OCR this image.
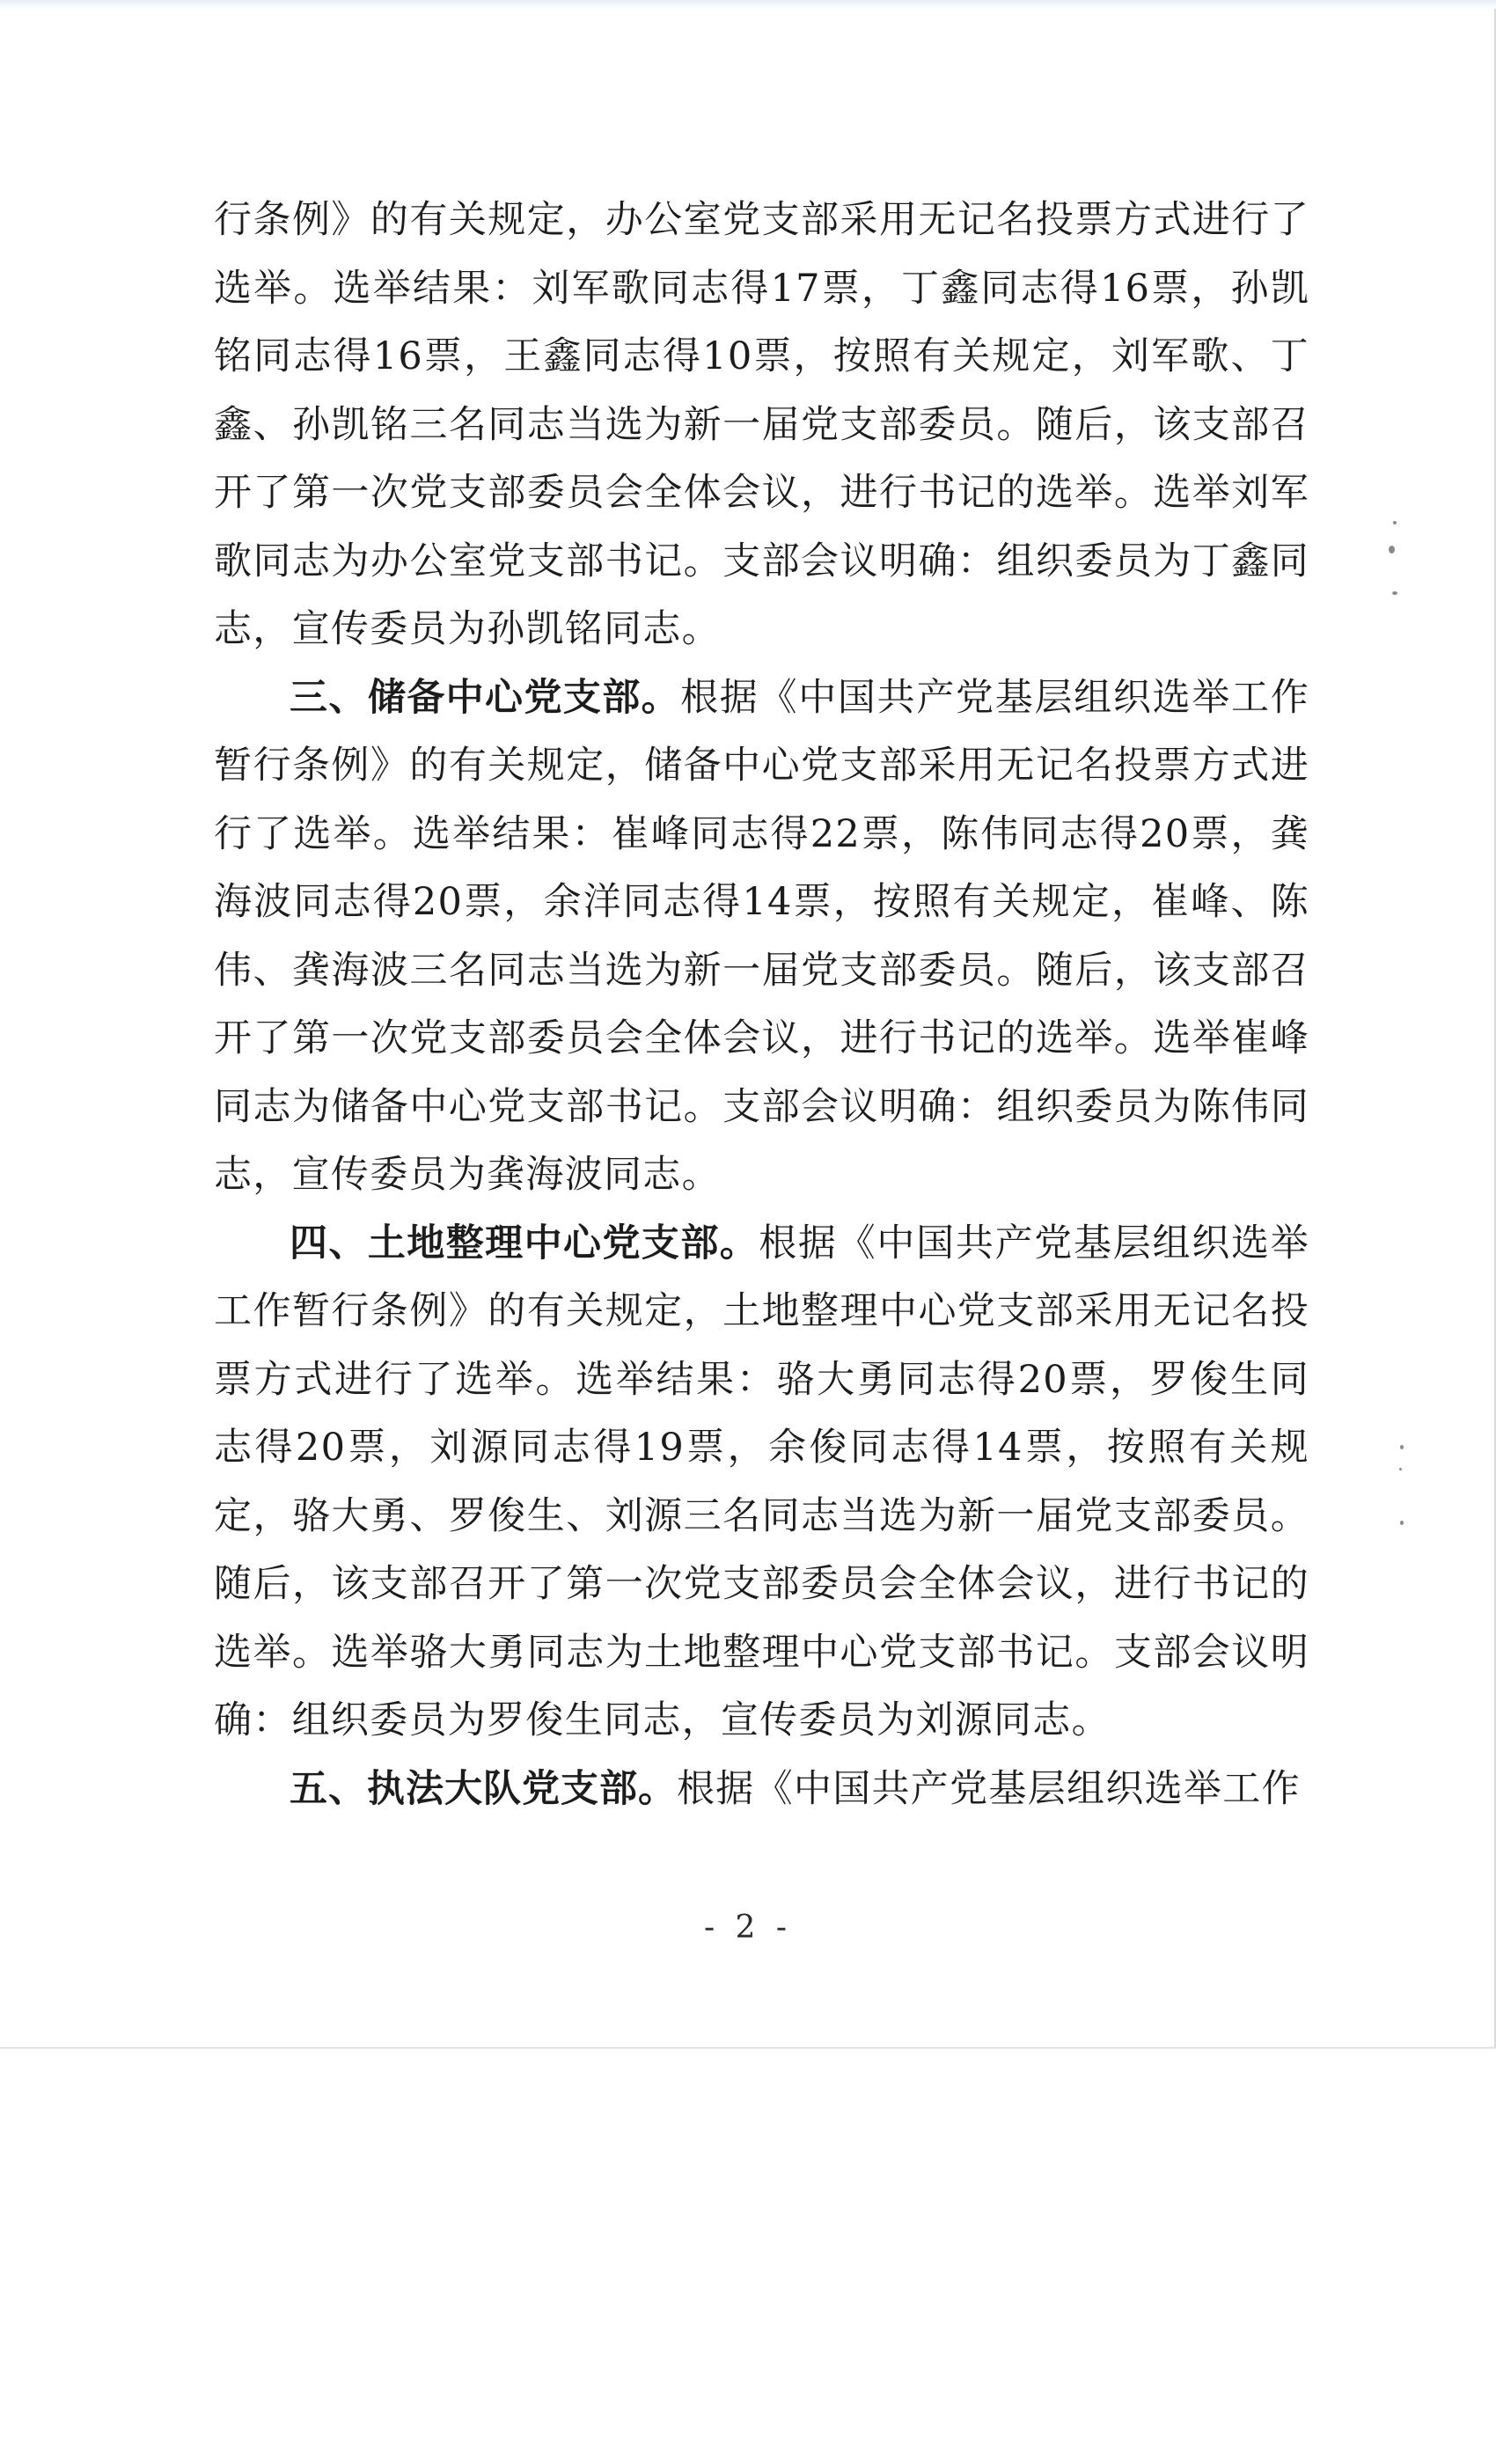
行条例》的有关规定，办公室党支部采用无记名投票方式进行了选举。选举结果：刘军歌同志得17票，丁鑫同志得16票，孙凯铭同志得16票，王鑫同志得10票，按照有关规定，刘军歌、丁鑫、孙凯铭三名同志当选为新一届党支部委员。随后，该支部召开了第一次党支部委员会全体会议，进行书记的选举。选举刘军歌同志为办公室党支部书记。支部会议明确：组织委员为丁鑫同志，宣传委员为孙凯铭同志。

三、储备中心党支部。根据《中国共产党基层组织选举工作暂行条例》的有关规定，储备中心党支部采用无记名投票方式进行了选举。选举结果：崔峰同志得22票，陈伟同志得20票，龚海波同志得20票，余洋同志得14票，按照有关规定，崔峰、陈伟、龚海波三名同志当选为新一届党支部委员。随后，该支部召开了第一次党支部委员会全体会议，进行书记的选举。选举崔峰同志为储备中心党支部书记。支部会议明确：组织委员为陈伟同志，宣传委员为龚海波同志。

四、土地整理中心党支部。根据《中国共产党基层组织选举工作暂行条例》的有关规定，土地整理中心党支部采用无记名投票方式进行了选举。选举结果：骆大勇同志得20票，罗俊生同志得20票，刘源同志得19票，余俊同志得14票，按照有关规定，骆大勇、罗俊生、刘源三名同志当选为新一届党支部委员。随后，该支部召开了第一次党支部委员会全体会议，进行书记的选举。选举骆大勇同志为土地整理中心党支部书记。支部会议明确：组织委员为罗俊生同志，宣传委员为刘源同志。

五、执法大队党支部。根据《中国共产党基层组织选举工作

- 2 -
